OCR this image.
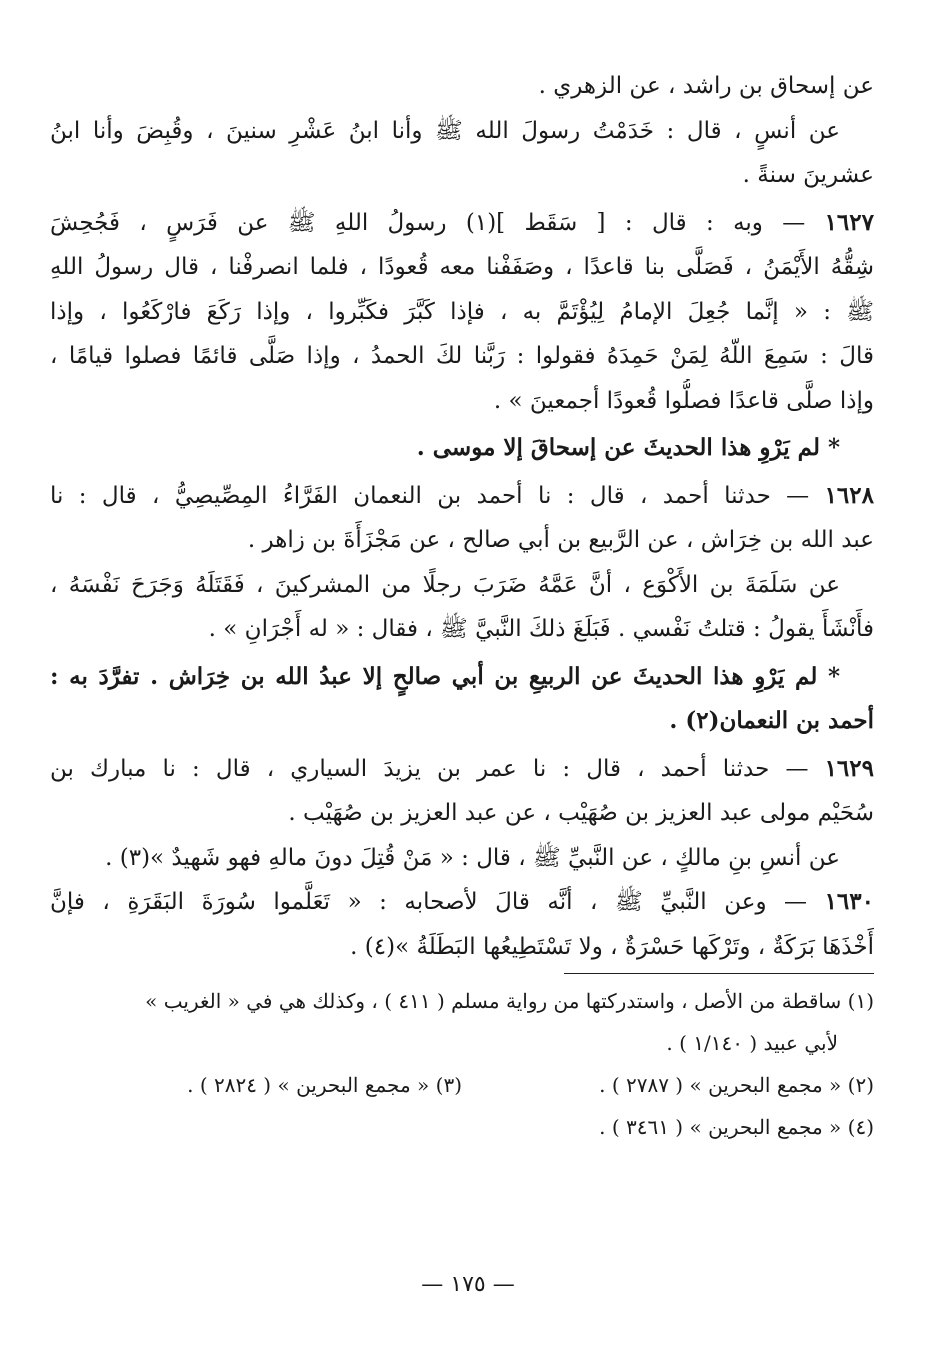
عن إسحاق بن راشد ، عن الزهري .
عن أنسٍ ، قال : خَدَمْتُ رسولَ الله ﷺ وأنا ابنُ عَشْرِ سنينَ ، وقُبِضَ وأنا ابنُ
عشرينَ سنةً .
١٦٢٧ — وبه : قال : [ سَقَط ](١) رسولُ اللهِ ﷺ عن فَرَسٍ ، فَجُحِشَ
شِقُّهُ الأَيْمَنُ ، فَصَلَّى بنا قاعدًا ، وصَفَفْنا معه قُعودًا ، فلما انصرفْنا ، قال رسولُ اللهِ
ﷺ : « إنَّما جُعِلَ الإمامُ لِيُؤْتَمَّ به ، فإذا كَبَّرَ فكَبِّروا ، وإذا رَكَعَ فارْكَعُوا ، وإذا
قالَ : سَمِعَ اللّهُ لِمَنْ حَمِدَهُ فقولوا : رَبَّنا لكَ الحمدُ ، وإذا صَلَّى قائمًا فصلوا قيامًا ،
وإذا صلَّى قاعدًا فصلُّوا قُعودًا أجمعينَ » .
* لم يَرْوِ هذا الحديثَ عن إسحاقَ إلا موسى .
١٦٢٨ — حدثنا أحمد ، قال : نا أحمد بن النعمان الفَرَّاءُ المِصِّيصِيُّ ، قال : نا
عبد الله بن خِرَاش ، عن الرَّبيع بن أبي صالح ، عن مَجْزَأَةَ بن زاهر .
عن سَلَمَةَ بن الأَكْوَع ، أنَّ عَمَّهُ ضَرَبَ رجلًا من المشركينَ ، فَقَتَلَهُ وَجَرَحَ نَفْسَهُ ،
فأَنْشَأَ يقولُ : قتلتُ نَفْسي . فَبَلَغَ ذلكَ النَّبيَّ ﷺ ، فقال : « له أَجْرَانِ » .
* لم يَرْوِ هذا الحديثَ عن الربيعِ بن أبي صالحٍ إلا عبدُ الله بن خِرَاش . تفرَّدَ به :
أحمد بن النعمان(٢) .
١٦٢٩ — حدثنا أحمد ، قال : نا عمر بن يزيدَ السياري ، قال : نا مبارك بن
سُحَيْم مولى عبد العزيز بن صُهَيْب ، عن عبد العزيز بن صُهَيْب .
عن أنسِ بنِ مالكٍ ، عن النَّبيِّ ﷺ ، قال : « مَنْ قُتِلَ دونَ مالهِ فهو شَهيدٌ »(٣) .
١٦٣٠ — وعن النَّبيِّ ﷺ ، أنَّه قالَ لأصحابه : « تَعَلَّموا سُورَةَ البَقَرَةِ ، فإنَّ
أَخْذَهَا بَرَكَةٌ ، وتَرْكَها حَسْرَةٌ ، ولا تَسْتَطِيعُها البَطَلَةُ »(٤) .
(١) ساقطة من الأصل ، واستدركتها من رواية مسلم ( ٤١١ ) ، وكذلك هي في « الغريب »
لأبي عبيد ( ١/١٤٠ ) .
(٢) « مجمع البحرين » ( ٢٧٨٧ ) .
(٣) « مجمع البحرين » ( ٢٨٢٤ ) .
(٤) « مجمع البحرين » ( ٣٤٦١ ) .
— ١٧٥ —
